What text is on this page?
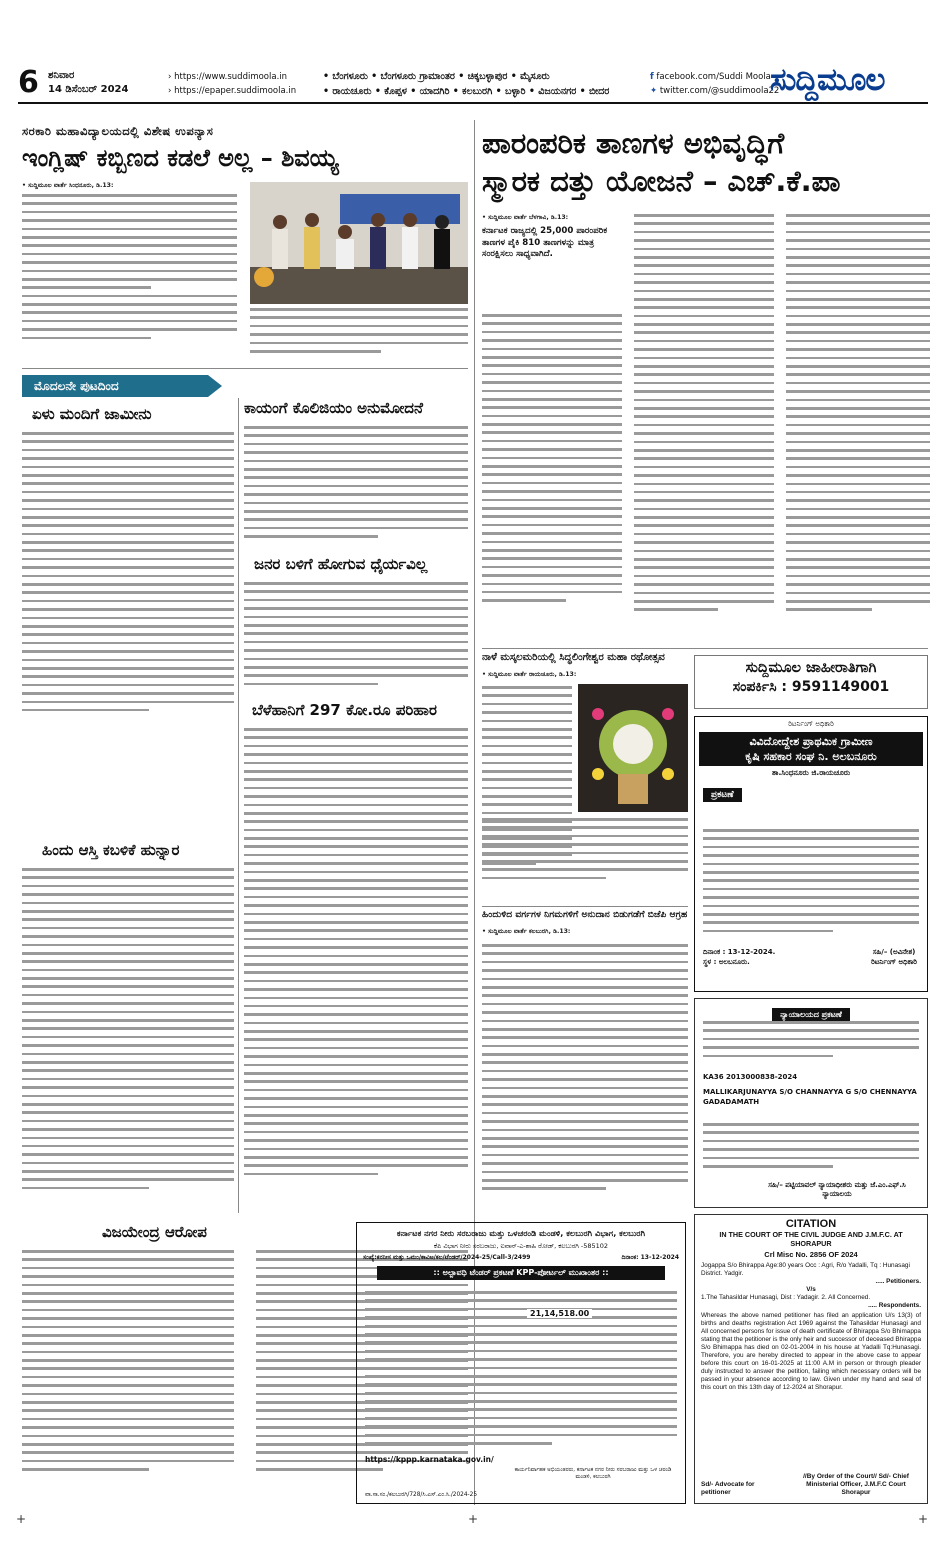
6 ಶನಿವಾರ
14 ಡಿಸೆಂಬರ್ 2024
› https://www.suddimoola.in
› https://epaper.suddimoola.in
• ಬೆಂಗಳೂರು • ಬೆಂಗಳೂರು ಗ್ರಾಮಾಂತರ • ಚಿಕ್ಕಬಳ್ಳಾಪುರ • ಮೈಸೂರು
• ರಾಯಚೂರು • ಕೊಪ್ಪಳ • ಯಾದಗಿರಿ • ಕಲಬುರಗಿ • ಬಳ್ಳಾರಿ • ವಿಜಯನಗರ • ಬೀದರ
f facebook.com/Suddi Moola
✦ twitter.com/@suddimoola22
ಸುದ್ದಿಮೂಲ
ಸರಕಾರಿ ಮಹಾವಿದ್ಯಾಲಯದಲ್ಲಿ ವಿಶೇಷ ಉಪನ್ಯಾಸ
ಇಂಗ್ಲಿಷ್ ಕಬ್ಬಿಣದ ಕಡಲೆ ಅಲ್ಲ – ಶಿವಯ್ಯ
• ಸುದ್ದಿಮೂಲ ವಾರ್ತೆ ಸಿಂಧನೂರು, ಡಿ.13:
ಪಾರಂಪರಿಕ ತಾಣಗಳ ಅಭಿವೃದ್ಧಿಗೆ
ಸ್ಮಾರಕ ದತ್ತು ಯೋಜನೆ – ಎಚ್.ಕೆ.ಪಾ
• ಸುದ್ದಿಮೂಲ ವಾರ್ತೆ ಬೆಳಗಾವಿ, ಡಿ.13:
ಕರ್ನಾಟಕ ರಾಜ್ಯದಲ್ಲಿ 25,000 ಪಾರಂಪರಿಕ ತಾಣಗಳ ಪೈಕಿ 810 ತಾಣಗಳನ್ನು ಮಾತ್ರ ಸಂರಕ್ಷಿಸಲು ಸಾಧ್ಯವಾಗಿದೆ.
ಮೊದಲನೇ ಪುಟದಿಂದ
ಏಳು ಮಂದಿಗೆ ಜಾಮೀನು
ಹಿಂದು ಆಸ್ತಿ ಕಬಳಿಕೆ ಹುನ್ನಾರ
ವಿಜಯೇಂದ್ರ ಆರೋಪ
ಕಾಯಂಗೆ ಕೊಲಿಜಿಯಂ ಅನುಮೋದನೆ
ಜನರ ಬಳಿಗೆ ಹೋಗುವ ಧೈರ್ಯವಿಲ್ಲ
ಬೆಳೆಹಾನಿಗೆ 297 ಕೋ.ರೂ ಪರಿಹಾರ
ನಾಳೆ ಮಸ್ಕಲಮರಿಯಲ್ಲಿ ಸಿದ್ಧಲಿಂಗೇಶ್ವರ ಮಹಾ ರಥೋತ್ಸವ
• ಸುದ್ದಿಮೂಲ ವಾರ್ತೆ ರಾಯಚೂರು, ಡಿ.13:
ಹಿಂದುಳಿದ ವರ್ಗಗಳ ನಿಗಮಗಳಿಗೆ ಅನುದಾನ ಬಿಡುಗಡೆಗೆ ಬಿಜೆಪಿ ಆಗ್ರಹ
• ಸುದ್ದಿಮೂಲ ವಾರ್ತೆ ಕಲಬುರಗಿ, ಡಿ.13:
ಸುದ್ದಿಮೂಲ ಜಾಹೀರಾತಿಗಾಗಿ
ಸಂಪರ್ಕಿಸಿ : 9591149001
ರಿಟರ್ನಿಂಗ್ ಅಧಿಕಾರಿ
ವಿವಿದೋದ್ದೇಶ ಪ್ರಾಥಮಿಕ ಗ್ರಾಮೀಣ
ಕೃಷಿ ಸಹಕಾರ ಸಂಘ ನಿ. ಅಲಬನೂರು
ತಾ.ಸಿಂಧನೂರು ಜಿ.ರಾಯಚೂರು
ಪ್ರಕಟಣೆ
ದಿನಾಂಕ : 13-12-2024.
ಸ್ಥಳ : ಅಲಬನೂರು.
ಸಹಿ/– (ಅವಿನೇಶ)
ರಿಟರ್ನಿಂಗ್ ಅಧಿಕಾರಿ
ನ್ಯಾಯಾಲಯದ ಪ್ರಕಟಣೆ
KA36 2013000838-2024
MALLIKARJUNAYYA S/O CHANNAYYA G S/O CHENNAYYA GADADAMATH
ಸಹಿ/– ಪಟ್ಟಿಯಾವಲ್ ನ್ಯಾಯಾಧೀಶರು ಮತ್ತು ಜೆ.ಎಂ.ಎಫ್.ಸಿ ನ್ಯಾಯಾಲಯ
CITATION
IN THE COURT OF THE CIVIL JUDGE AND J.M.F.C. AT SHORAPUR
Crl Misc No. 2856 OF 2024
Jogappa S/o Bhirappa Age:80 years Occ : Agri, R/o Yadalli, Tq : Hunasagi District. Yadgir.
..... Petitioners.
V/s
1.The Tahasildar Hunasagi, Dist : Yadagir. 2. All Concerned.
..... Respondents.
Whereas the above named petitioner has filed an application U/s 13(3) of births and deaths registration Act 1969 against the Tahasildar Hunasagi and All concerned persons for issue of death certificate of Bhirappa S/o Bhimappa stating that the petitioner is the only heir and successor of deceased Bhirappa S/o Bhimappa has died on 02-01-2004 in his house at Yadalli Tq:Hunasagi. Therefore, you are hereby directed to appear in the above case to appear before this court on 16-01-2025 at 11:00 A.M in person or through pleader duly instructed to answer the petition, failing which necessary orders will be passed in your absence according to law. Given under my hand and seal of this court on this 13th day of 12-2024 at Shorapur.
Sd/- Advocate for petitioner
//By Order of the Court// Sd/- Chief Ministerial Officer, J.M.F.C Court Shorapur
ಕರ್ನಾಟಕ ನಗರ ನೀರು ಸರಬರಾಜು ಮತ್ತು ಒಳಚರಂಡಿ ಮಂಡಳಿ, ಕಲಬುರಗಿ ವಿಭಾಗ, ಕಲಬುರಗಿ
ಕೆಪಿ ವಿಭಾಗ ನೀರು ಸರಬರಾಜು, ಐವಾನ್‌-ಎ-ಶಾಹಿ ರೋಡ್, ಕಲಬುರಗಿ -585102
ಸಂಖ್ಯೆ:ಕನನೀಸ ಮತ್ತು ಒಮಂ/ಕಾವಿಅ/ಕಲ/ಟೆಂಡರ್/2024-25/Call-3/2499	ದಿನಾಂಕ: 13-12-2024
:: ಅಲ್ಪಾವಧಿ ಟೆಂಡರ್ ಪ್ರಕಟಣೆ KPP-ಪೋರ್ಟಲ್ ಮುಖಾಂತರ ::
21,14,518.00
https://kppp.karnataka.gov.in/
ಕಾರ್ಯನಿರ್ವಾಹಕ ಅಭಿಯಂತರರು, ಕರ್ನಾಟಕ ನಗರ ನೀರು ಸರಬರಾಜು ಮತ್ತು ಒಳ ಚರಂಡಿ ಮಂಡಳಿ, ಕಲಬುರಗಿ
ವಾ.ಸಾ.ಸಂ./ಕಲಬುರಗಿ/728/ಸಿ.ಎಸ್.ಎಂ.ಸಿ./2024-25
+	+	+
